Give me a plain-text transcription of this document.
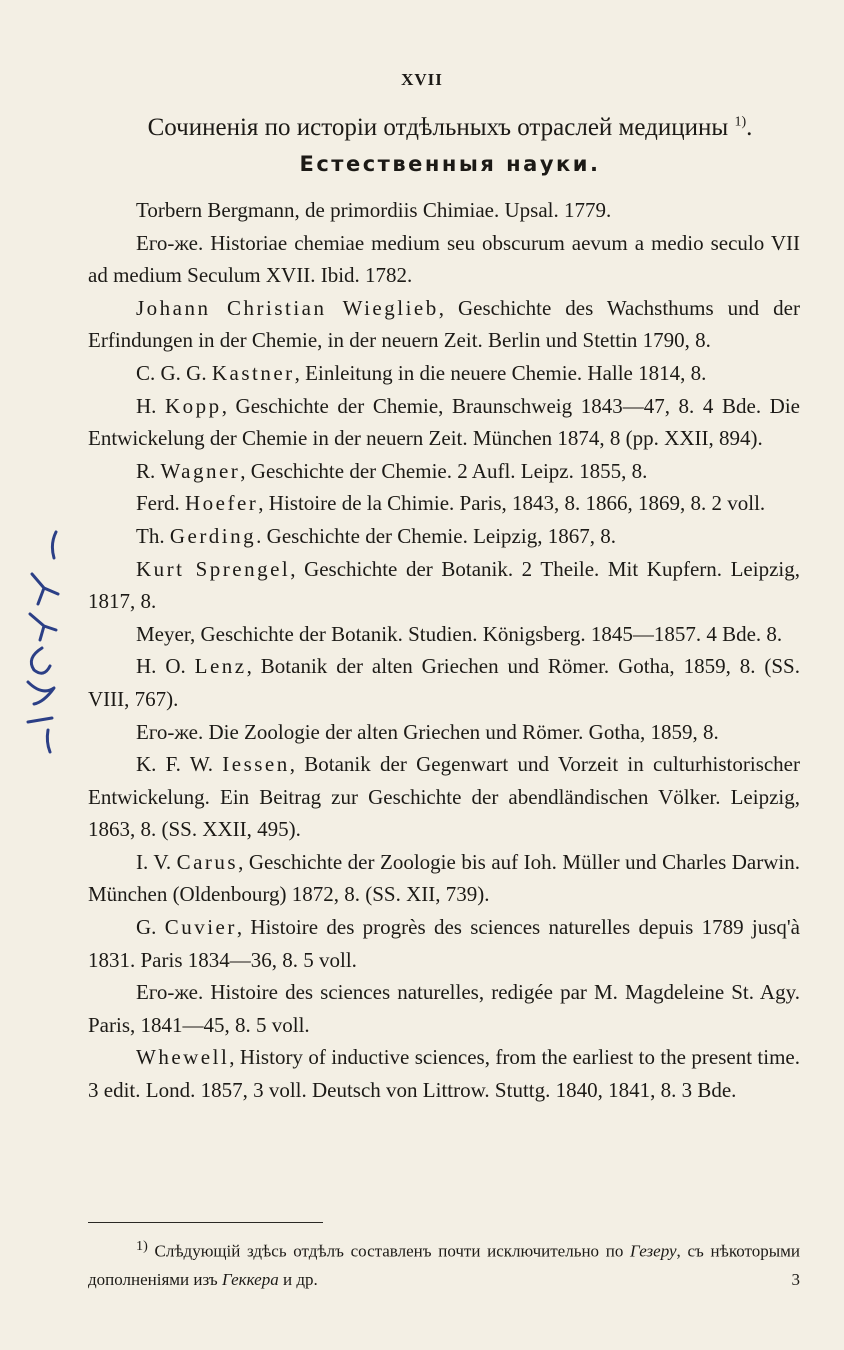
XVII
Сочиненія по исторіи отдѣльныхъ отраслей медицины $^{1)}$.
Естественныя науки.

Torbern Bergmann, de primordiis Chimiae. Upsal. 1779.

Его-же. Historiae chemiae medium seu obscurum aevum a medio seculo VII ad medium Seculum XVII. Ibid. 1782.

Johann Christian Wieglieb, Geschichte des Wachsthums und der Erfindungen in der Chemie, in der neuern Zeit. Berlin und Stettin 1790, 8.

C. G. G. Kastner, Einleitung in die neuere Chemie. Halle 1814, 8.

H. Kopp, Geschichte der Chemie, Braunschweig 1843—47, 8. 4 Bde. Die Entwickelung der Chemie in der neuern Zeit. München 1874, 8 (pp. XXII, 894).

R. Wagner, Geschichte der Chemie. 2 Aufl. Leipz. 1855, 8.

Ferd. Hoefer, Histoire de la Chimie. Paris, 1843, 8. 1866, 1869, 8. 2 voll.

Th. Gerding. Geschichte der Chemie. Leipzig, 1867, 8.

Kurt Sprengel, Geschichte der Botanik. 2 Theile. Mit Kupfern. Leipzig, 1817, 8.

Meyer, Geschichte der Botanik. Studien. Königsberg. 1845—1857. 4 Bde. 8.

H. O. Lenz, Botanik der alten Griechen und Römer. Gotha, 1859, 8. (SS. VIII, 767).

Его-же. Die Zoologie der alten Griechen und Römer. Gotha, 1859, 8.

K. F. W. Iessen, Botanik der Gegenwart und Vorzeit in culturhistorischer Entwickelung. Ein Beitrag zur Geschichte der abendländischen Völker. Leipzig, 1863, 8. (SS. XXII, 495).

I. V. Carus, Geschichte der Zoologie bis auf Ioh. Müller und Charles Darwin. München (Oldenbourg) 1872, 8. (SS. XII, 739).

G. Cuvier, Histoire des progrès des sciences naturelles depuis 1789 jusq'à 1831. Paris 1834—36, 8. 5 voll.

Его-же. Histoire des sciences naturelles, redigée par M. Magdeleine St. Agy. Paris, 1841—45, 8. 5 voll.

Whewell, History of inductive sciences, from the earliest to the present time. 3 edit. Lond. 1857, 3 voll. Deutsch von Littrow. Stuttg. 1840, 1841, 8. 3 Bde.

$^{1)}$ Слѣдующій здѣсь отдѣлъ составленъ почти исключительно по Гезеру, съ нѣкоторыми дополненіями изъ Геккера и др.	3
